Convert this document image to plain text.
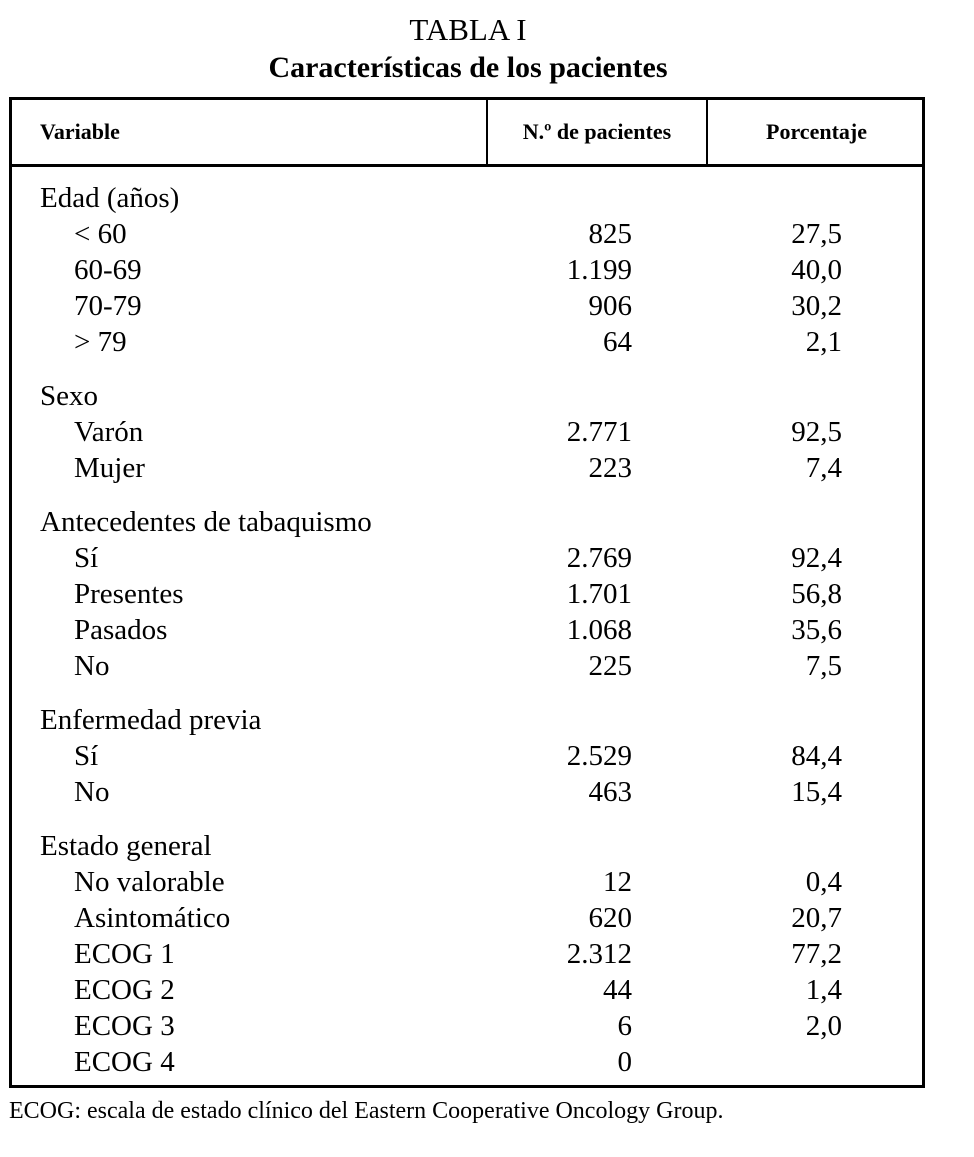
TABLA I
Características de los pacientes
Variable	N.º de pacientes	Porcentaje
Edad (años)
< 60	825	27,5
60-69	1.199	40,0
70-79	906	30,2
> 79	64	2,1
Sexo
Varón	2.771	92,5
Mujer	223	7,4
Antecedentes de tabaquismo
Sí	2.769	92,4
Presentes	1.701	56,8
Pasados	1.068	35,6
No	225	7,5
Enfermedad previa
Sí	2.529	84,4
No	463	15,4
Estado general
No valorable	12	0,4
Asintomático	620	20,7
ECOG 1	2.312	77,2
ECOG 2	44	1,4
ECOG 3	6	2,0
ECOG 4	0
ECOG: escala de estado clínico del Eastern Cooperative Oncology Group.
